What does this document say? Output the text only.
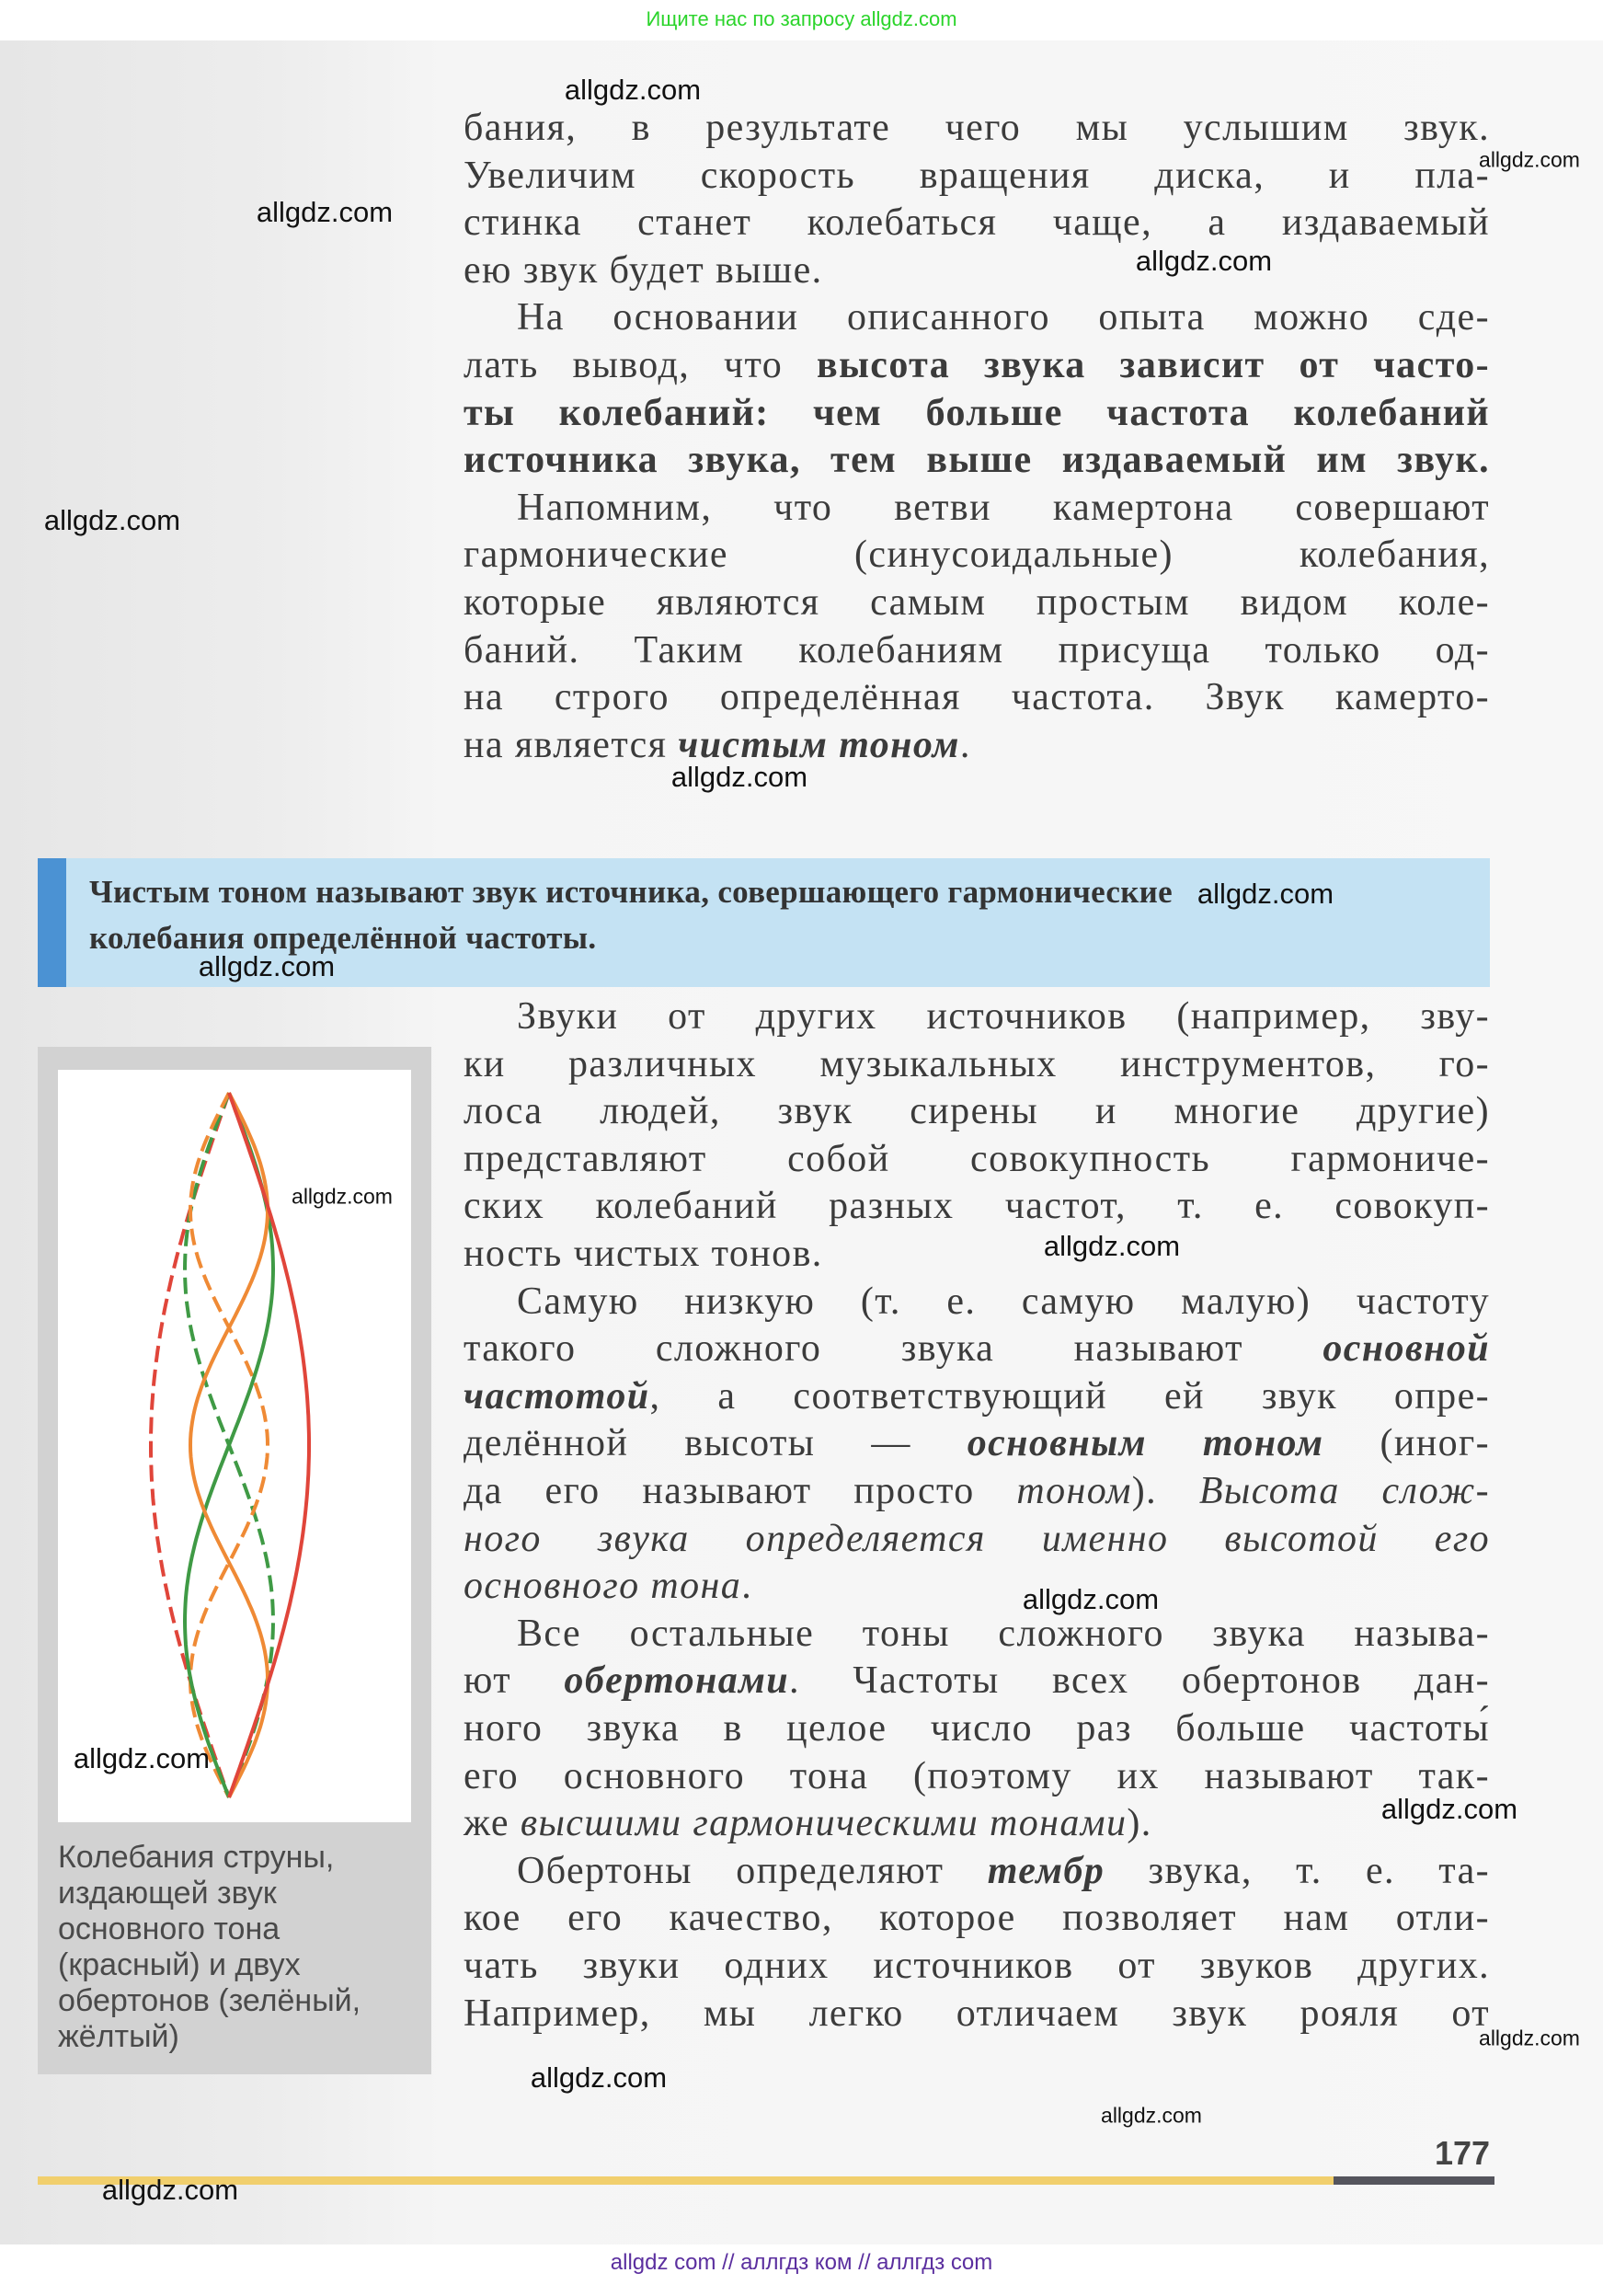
Ищите нас по запросу allgdz.com
бания, в результате чего мы услышим звук.
Увеличим скорость вращения диска, и пла-
стинка станет колебаться чаще, а издаваемый
ею звук будет выше.
На основании описанного опыта можно сде-
лать вывод, что высота звука зависит от часто-
ты колебаний: чем больше частота колебаний
источника звука, тем выше издаваемый им звук.
Напомним, что ветви камертона совершают
гармонические (синусоидальные) колебания,
которые являются самым простым видом коле-
баний. Таким колебаниям присуща только од-
на строго определённая частота. Звук камерто-
на является чистым тоном.
Чистым тоном называют звук источника, совершающего гармонические
колебания определённой частоты.
Колебания струны,
издающей звук
основного тона
(красный) и двух
обертонов (зелёный,
жёлтый)
Звуки от других источников (например, зву-
ки различных музыкальных инструментов, го-
лоса людей, звук сирены и многие другие)
представляют собой совокупность гармониче-
ских колебаний разных частот, т. е. совокуп-
ность чистых тонов.
Самую низкую (т. е. самую малую) частоту
такого сложного звука называют основной
частотой, а соответствующий ей звук опре-
делённой высоты — основным тоном (иног-
да его называют просто тоном). Высота слож-
ного звука определяется именно высотой его
основного тона.
Все остальные тоны сложного звука называ-
ют обертонами. Частоты всех обертонов дан-
ного звука в целое число раз больше частоты́
его основного тона (поэтому их называют так-
же высшими гармоническими тонами).
Обертоны определяют тембр звука, т. е. та-
кое его качество, которое позволяет нам отли-
чать звуки одних источников от звуков других.
Например, мы легко отличаем звук рояля от
177
allgdz.com
allgdz.com
allgdz.com
allgdz.com
allgdz.com
allgdz.com
allgdz.com
allgdz.com
allgdz.com
allgdz.com
allgdz.com
allgdz.com
allgdz.com
allgdz.com
allgdz.com
allgdz.com
allgdz.com
allgdz com // аллгдз ком // аллгдз com
